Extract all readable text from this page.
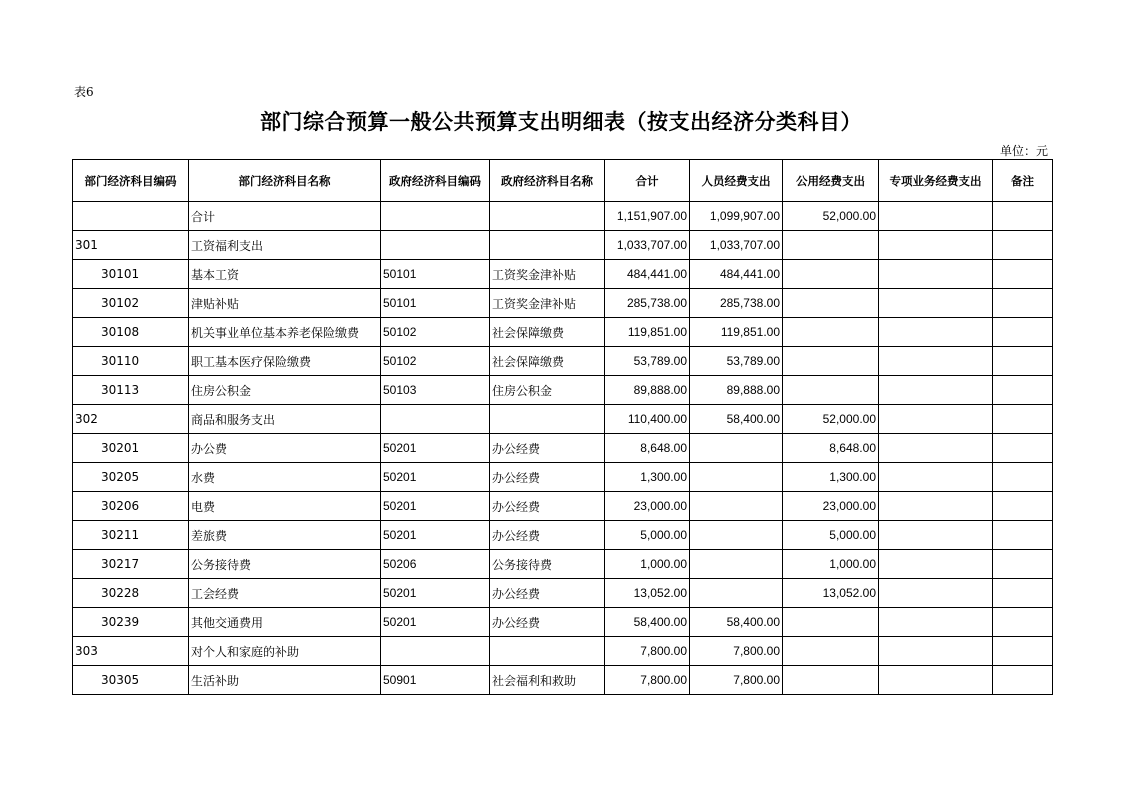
表6
部门综合预算一般公共预算支出明细表（按支出经济分类科目）
单位：元
部门经济科目编码	部门经济科目名称	政府经济科目编码	政府经济科目名称	合计	人员经费支出	公用经费支出	专项业务经费支出	备注
	合计			1,151,907.00	1,099,907.00	52,000.00		
301	工资福利支出			1,033,707.00	1,033,707.00			
30101	基本工资	50101	工资奖金津补贴	484,441.00	484,441.00			
30102	津贴补贴	50101	工资奖金津补贴	285,738.00	285,738.00			
30108	机关事业单位基本养老保险缴费	50102	社会保障缴费	119,851.00	119,851.00			
30110	职工基本医疗保险缴费	50102	社会保障缴费	53,789.00	53,789.00			
30113	住房公积金	50103	住房公积金	89,888.00	89,888.00			
302	商品和服务支出			110,400.00	58,400.00	52,000.00		
30201	办公费	50201	办公经费	8,648.00		8,648.00		
30205	水费	50201	办公经费	1,300.00		1,300.00		
30206	电费	50201	办公经费	23,000.00		23,000.00		
30211	差旅费	50201	办公经费	5,000.00		5,000.00		
30217	公务接待费	50206	公务接待费	1,000.00		1,000.00		
30228	工会经费	50201	办公经费	13,052.00		13,052.00		
30239	其他交通费用	50201	办公经费	58,400.00	58,400.00			
303	对个人和家庭的补助			7,800.00	7,800.00			
30305	生活补助	50901	社会福利和救助	7,800.00	7,800.00			
